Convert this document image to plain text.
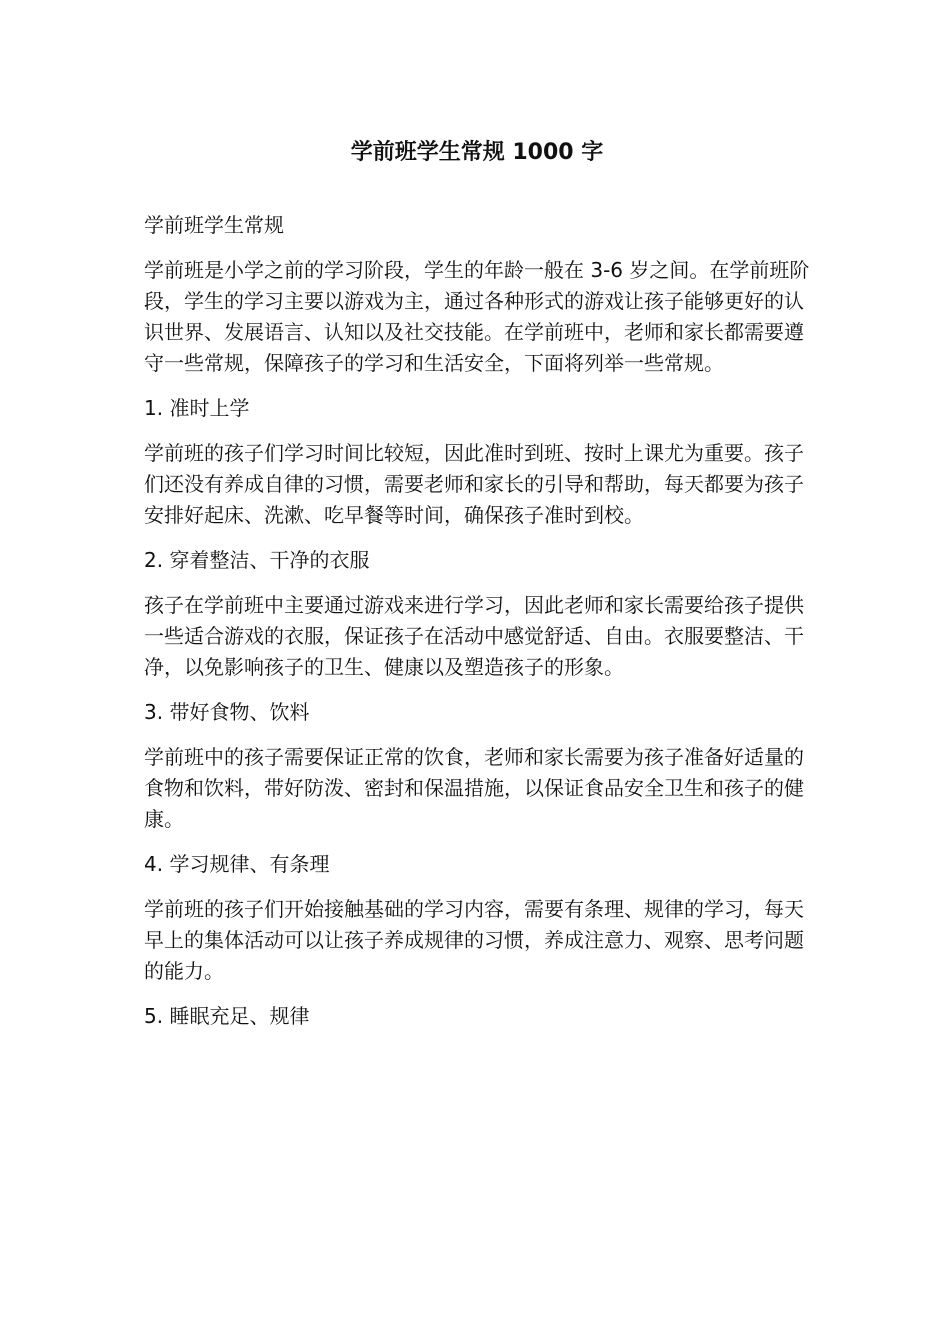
学前班学生常规 1000 字

学前班学生常规

学前班是小学之前的学习阶段，学生的年龄一般在 3-6 岁之间。在学前班阶段，学生的学习主要以游戏为主，通过各种形式的游戏让孩子能够更好的认识世界、发展语言、认知以及社交技能。在学前班中，老师和家长都需要遵守一些常规，保障孩子的学习和生活安全，下面将列举一些常规。

1. 准时上学

学前班的孩子们学习时间比较短，因此准时到班、按时上课尤为重要。孩子们还没有养成自律的习惯，需要老师和家长的引导和帮助，每天都要为孩子安排好起床、洗漱、吃早餐等时间，确保孩子准时到校。

2. 穿着整洁、干净的衣服

孩子在学前班中主要通过游戏来进行学习，因此老师和家长需要给孩子提供一些适合游戏的衣服，保证孩子在活动中感觉舒适、自由。衣服要整洁、干净，以免影响孩子的卫生、健康以及塑造孩子的形象。

3. 带好食物、饮料

学前班中的孩子需要保证正常的饮食，老师和家长需要为孩子准备好适量的食物和饮料，带好防泼、密封和保温措施，以保证食品安全卫生和孩子的健康。

4. 学习规律、有条理

学前班的孩子们开始接触基础的学习内容，需要有条理、规律的学习，每天早上的集体活动可以让孩子养成规律的习惯，养成注意力、观察、思考问题的能力。

5. 睡眠充足、规律
